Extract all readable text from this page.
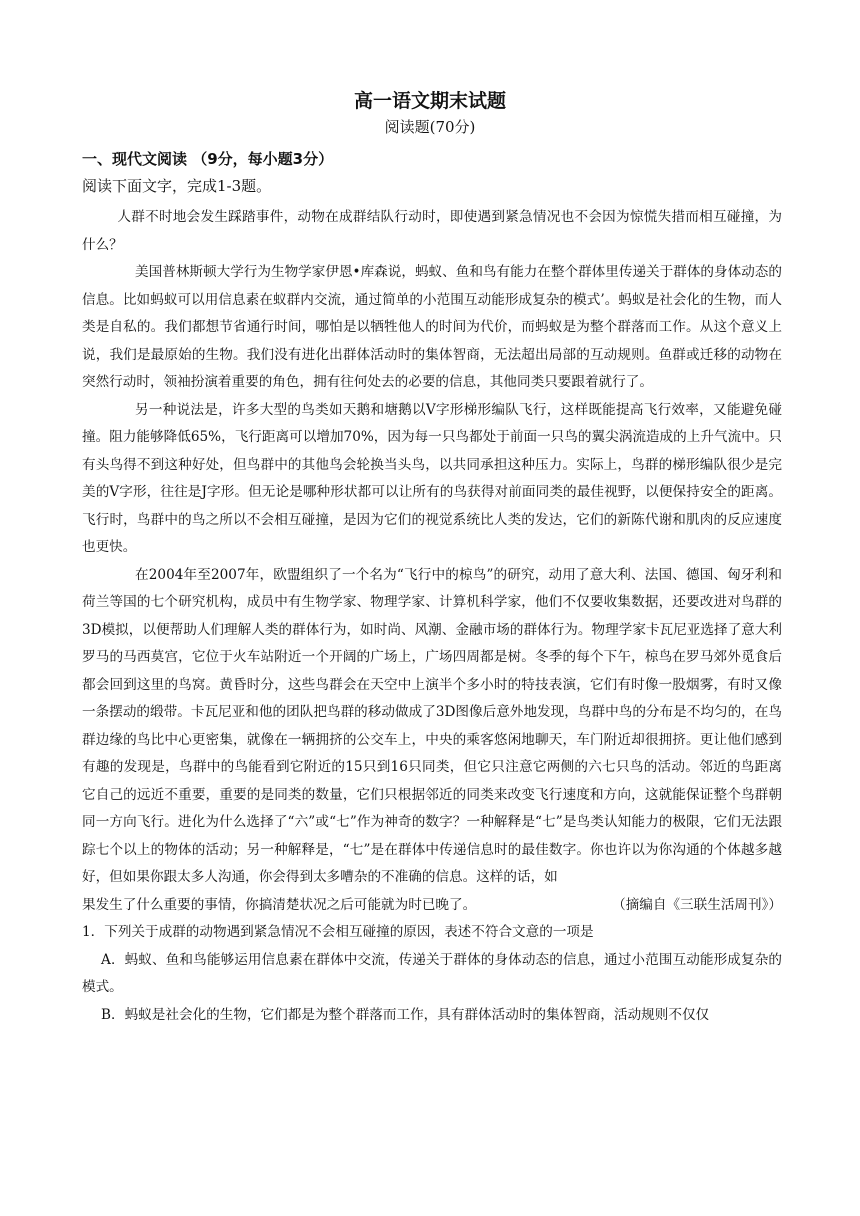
高一语文期末试题
阅读题(70分)
一、现代文阅读 （9分，每小题3分）
阅读下面文字，完成1-3题。

人群不时地会发生踩踏事件，动物在成群结队行动时，即使遇到紧急情况也不会因为惊慌失措而相互碰撞，为什么？

美国普林斯顿大学行为生物学家伊恩•库森说，蚂蚁、鱼和鸟有能力在整个群体里传递关于群体的身体动态的信息。比如蚂蚁可以用信息素在蚁群内交流，通过简单的小范围互动能形成复杂的模式’。蚂蚁是社会化的生物，而人类是自私的。我们都想节省通行时间，哪怕是以牺牲他人的时间为代价，而蚂蚁是为整个群落而工作。从这个意义上说，我们是最原始的生物。我们没有进化出群体活动时的集体智商，无法超出局部的互动规则。鱼群或迁移的动物在突然行动时，领袖扮演着重要的角色，拥有往何处去的必要的信息，其他同类只要跟着就行了。

另一种说法是，许多大型的鸟类如天鹅和塘鹅以V字形梯形编队飞行，这样既能提高飞行效率，又能避免碰撞。阻力能够降低65%，飞行距离可以增加70%，因为每一只鸟都处于前面一只鸟的翼尖涡流造成的上升气流中。只有头鸟得不到这种好处，但鸟群中的其他鸟会轮换当头鸟，以共同承担这种压力。实际上，鸟群的梯形编队很少是完美的V字形，往往是J字形。但无论是哪种形状都可以让所有的鸟获得对前面同类的最佳视野，以便保持安全的距离。飞行时，鸟群中的鸟之所以不会相互碰撞，是因为它们的视觉系统比人类的发达，它们的新陈代谢和肌肉的反应速度也更快。

在2004年至2007年，欧盟组织了一个名为“飞行中的椋鸟”的研究，动用了意大利、法国、德国、匈牙利和荷兰等国的七个研究机构，成员中有生物学家、物理学家、计算机科学家，他们不仅要收集数据，还要改进对鸟群的3D模拟，以便帮助人们理解人类的群体行为，如时尚、风潮、金融市场的群体行为。物理学家卡瓦尼亚选择了意大利罗马的马西莫宫，它位于火车站附近一个开阔的广场上，广场四周都是树。冬季的每个下午，椋鸟在罗马郊外觅食后都会回到这里的鸟窝。黄昏时分，这些鸟群会在天空中上演半个多小时的特技表演，它们有时像一股烟雾，有时又像一条摆动的缎带。卡瓦尼亚和他的团队把鸟群的移动做成了3D图像后意外地发现，鸟群中鸟的分布是不均匀的，在鸟群边缘的鸟比中心更密集，就像在一辆拥挤的公交车上，中央的乘客悠闲地聊天，车门附近却很拥挤。更让他们感到有趣的发现是，鸟群中的鸟能看到它附近的15只到16只同类，但它只注意它两侧的六七只鸟的活动。邻近的鸟距离它自己的远近不重要，重要的是同类的数量，它们只根据邻近的同类来改变飞行速度和方向，这就能保证整个鸟群朝同一方向飞行。进化为什么选择了“六”或“七”作为神奇的数字？一种解释是“七”是鸟类认知能力的极限，它们无法跟踪七个以上的物体的活动；另一种解释是，“七”是在群体中传递信息时的最佳数字。你也许以为你沟通的个体越多越好，但如果你跟太多人沟通，你会得到太多嘈杂的不准确的信息。这样的话，如

果发生了什么重要的事情，你搞清楚状况之后可能就为时已晚了。	（摘编自《三联生活周刊》）

1．下列关于成群的动物遇到紧急情况不会相互碰撞的原因，表述不符合文意的一项是

A．蚂蚁、鱼和鸟能够运用信息素在群体中交流，传递关于群体的身体动态的信息，通过小范围互动能形成复杂的模式。

B．蚂蚁是社会化的生物，它们都是为整个群落而工作，具有群体活动时的集体智商，活动规则不仅仅
